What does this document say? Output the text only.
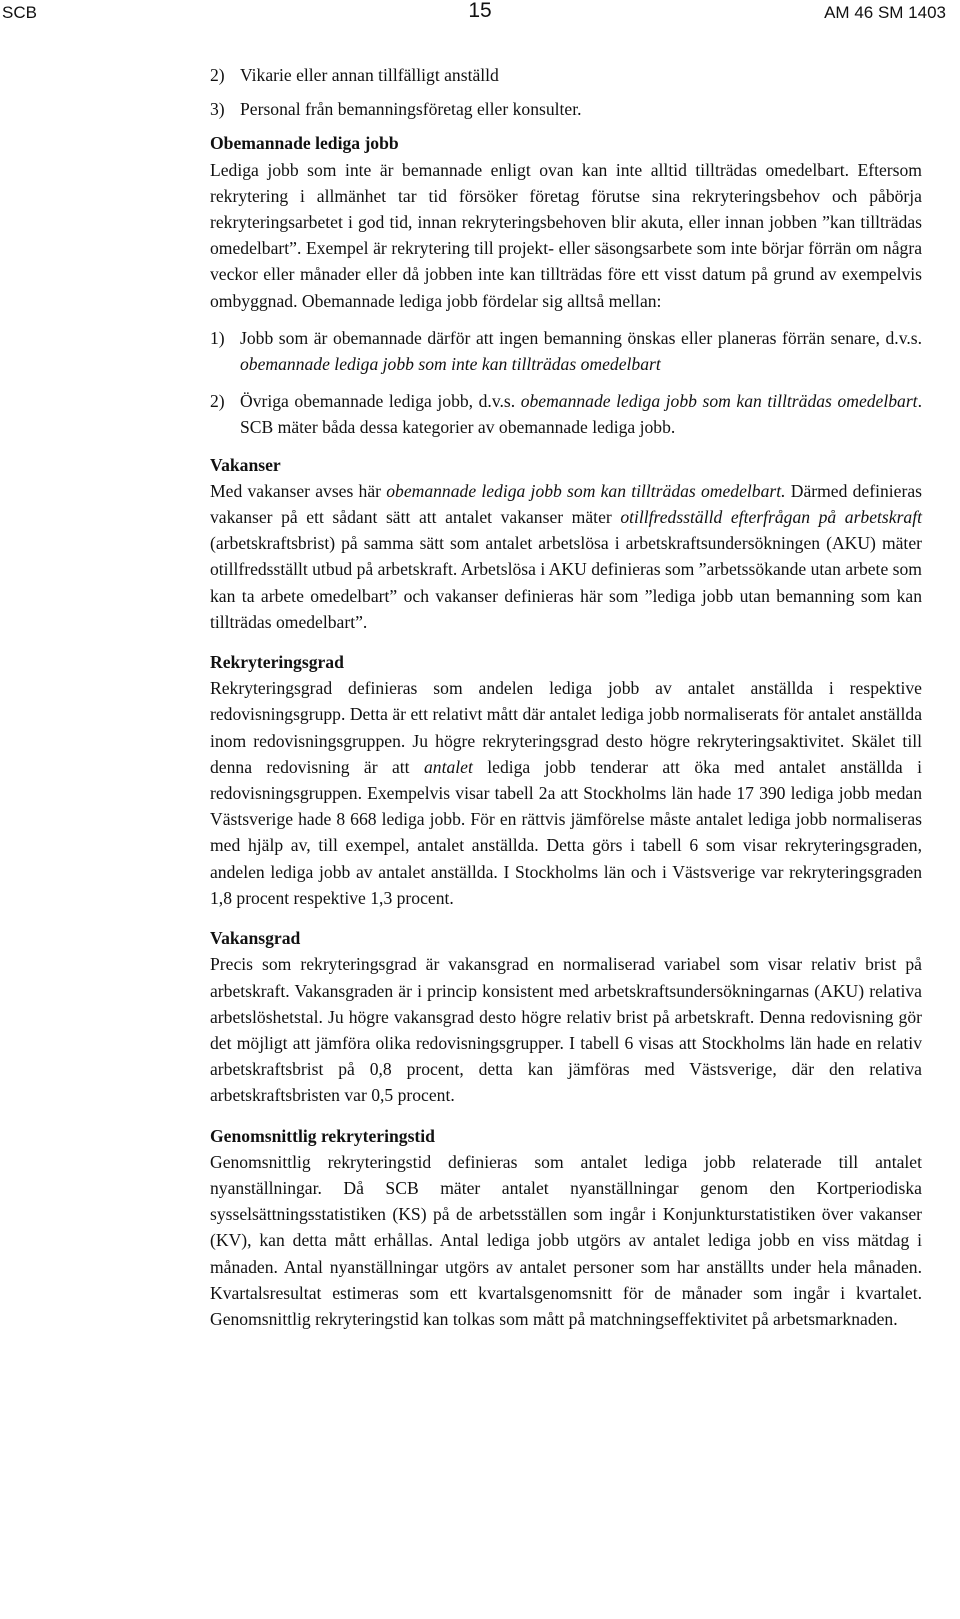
SCB	15	AM 46 SM 1403

2) Vikarie eller annan tillfälligt anställd

3) Personal från bemanningsföretag eller konsulter.

Obemannade lediga jobb

Lediga jobb som inte är bemannade enligt ovan kan inte alltid tillträdas omedelbart. Eftersom rekrytering i allmänhet tar tid försöker företag förutse sina rekryteringsbehov och påbörja rekryteringsarbetet i god tid, innan rekryteringsbehoven blir akuta, eller innan jobben ”kan tillträdas omedelbart”. Exempel är rekrytering till projekt- eller säsongsarbete som inte börjar förrän om några veckor eller månader eller då jobben inte kan tillträdas före ett visst datum på grund av exempelvis ombyggnad. Obemannade lediga jobb fördelar sig alltså mellan:

1) Jobb som är obemannade därför att ingen bemanning önskas eller planeras förrän senare, d.v.s. obemannade lediga jobb som inte kan tillträdas omedelbart

2) Övriga obemannade lediga jobb, d.v.s. obemannade lediga jobb som kan tillträdas omedelbart. SCB mäter båda dessa kategorier av obemannade lediga jobb.

Vakanser

Med vakanser avses här obemannade lediga jobb som kan tillträdas omedelbart. Därmed definieras vakanser på ett sådant sätt att antalet vakanser mäter otillfredsställd efterfrågan på arbetskraft (arbetskraftsbrist) på samma sätt som antalet arbetslösa i arbetskraftsundersökningen (AKU) mäter otillfredsställt utbud på arbetskraft. Arbetslösa i AKU definieras som ”arbetssökande utan arbete som kan ta arbete omedelbart” och vakanser definieras här som ”lediga jobb utan bemanning som kan tillträdas omedelbart”.

Rekryteringsgrad

Rekryteringsgrad definieras som andelen lediga jobb av antalet anställda i respektive redovisningsgrupp. Detta är ett relativt mått där antalet lediga jobb normaliserats för antalet anställda inom redovisningsgruppen. Ju högre rekryteringsgrad desto högre rekryteringsaktivitet. Skälet till denna redovisning är att antalet lediga jobb tenderar att öka med antalet anställda i redovisningsgruppen. Exempelvis visar tabell 2a att Stockholms län hade 17 390 lediga jobb medan Västsverige hade 8 668 lediga jobb. För en rättvis jämförelse måste antalet lediga jobb normaliseras med hjälp av, till exempel, antalet anställda. Detta görs i tabell 6 som visar rekryteringsgraden, andelen lediga jobb av antalet anställda. I Stockholms län och i Västsverige var rekryteringsgraden 1,8 procent respektive 1,3 procent.

Vakansgrad

Precis som rekryteringsgrad är vakansgrad en normaliserad variabel som visar relativ brist på arbetskraft. Vakansgraden är i princip konsistent med arbetskraftsundersökningarnas (AKU) relativa arbetslöshetstal. Ju högre vakansgrad desto högre relativ brist på arbetskraft. Denna redovisning gör det möjligt att jämföra olika redovisningsgrupper. I tabell 6 visas att Stockholms län hade en relativ arbetskraftsbrist på 0,8 procent, detta kan jämföras med Västsverige, där den relativa arbetskraftsbristen var 0,5 procent.

Genomsnittlig rekryteringstid

Genomsnittlig rekryteringstid definieras som antalet lediga jobb relaterade till antalet nyanställningar. Då SCB mäter antalet nyanställningar genom den Kortperiodiska sysselsättningsstatistiken (KS) på de arbetsställen som ingår i Konjunkturstatistiken över vakanser (KV), kan detta mått erhållas. Antal lediga jobb utgörs av antalet lediga jobb en viss mätdag i månaden. Antal nyanställningar utgörs av antalet personer som har anställts under hela månaden. Kvartalsresultat estimeras som ett kvartalsgenomsnitt för de månader som ingår i kvartalet. Genomsnittlig rekryteringstid kan tolkas som mått på matchningseffektivitet på arbetsmarknaden.
